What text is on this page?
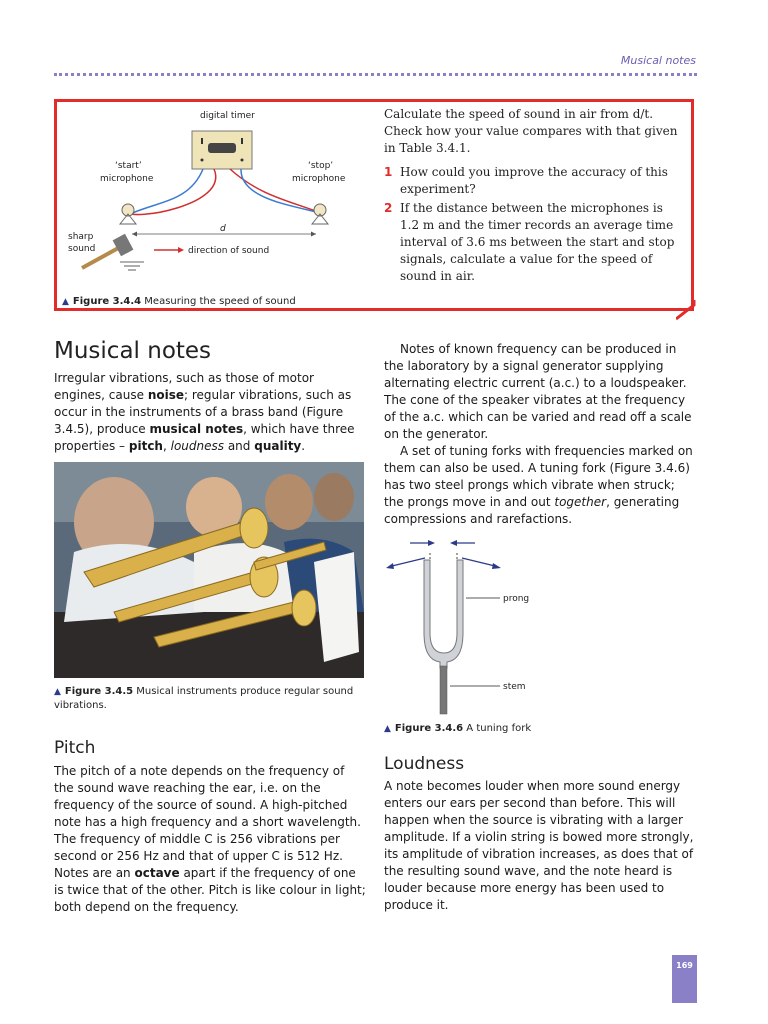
Musical notes
digital timer
‘start’
microphone
‘stop’
microphone
d
sharp
sound	direction of sound
▲ Figure 3.4.4 Measuring the speed of sound

Calculate the speed of sound in air from d/t. Check how your value compares with that given in Table 3.4.1.

1 How could you improve the accuracy of this experiment?
2 If the distance between the microphones is 1.2 m and the timer records an average time interval of 3.6 ms between the start and stop signals, calculate a value for the speed of sound in air.
Musical notes

Irregular vibrations, such as those of motor engines, cause noise; regular vibrations, such as occur in the instruments of a brass band (Figure 3.4.5), produce musical notes, which have three properties – pitch, loudness and quality.

▲ Figure 3.4.5 Musical instruments produce regular sound vibrations.
Pitch

The pitch of a note depends on the frequency of the sound wave reaching the ear, i.e. on the frequency of the source of sound. A high-pitched note has a high frequency and a short wavelength. The frequency of middle C is 256 vibrations per second or 256 Hz and that of upper C is 512 Hz. Notes are an octave apart if the frequency of one is twice that of the other. Pitch is like colour in light; both depend on the frequency.

Notes of known frequency can be produced in the laboratory by a signal generator supplying alternating electric current (a.c.) to a loudspeaker. The cone of the speaker vibrates at the frequency of the a.c. which can be varied and read off a scale on the generator.

A set of tuning forks with frequencies marked on them can also be used. A tuning fork (Figure 3.4.6) has two steel prongs which vibrate when struck; the prongs move in and out together, generating compressions and rarefactions.

prong
stem
▲ Figure 3.4.6 A tuning fork
Loudness

A note becomes louder when more sound energy enters our ears per second than before. This will happen when the source is vibrating with a larger amplitude. If a violin string is bowed more strongly, its amplitude of vibration increases, as does that of the resulting sound wave, and the note heard is louder because more energy has been used to produce it.

169
